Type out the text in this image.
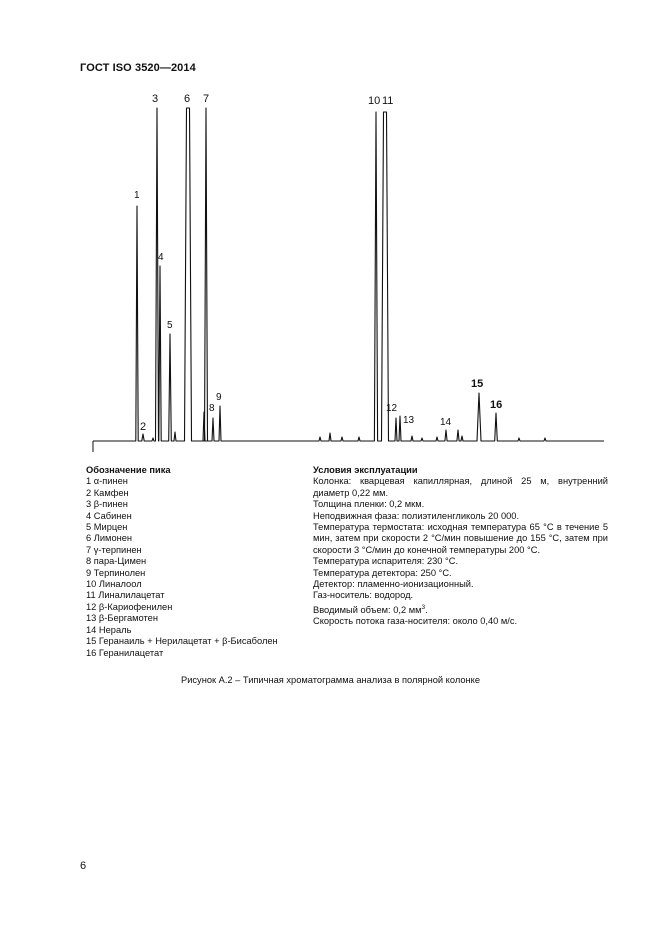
ГОСТ ISO 3520—2014
1
2
3
4
5
6 7
8
9
10 11
12
13	14
15
16
Обозначение пика
1 α-пинен
2 Камфен
3 β-пинен
4 Сабинен
5 Мирцен
6 Лимонен
7 γ-терпинен
8 пара-Цимен
9 Терпинолен
10 Линалоол
11 Линалилацетат
12 β-Кариофенилен
13 β-Бергамотен
14 Нераль
15 Геранаиль + Нерилацетат + β-Бисаболен
16 Геранилацетат
Условия эксплуатации
Колонка: кварцевая капиллярная, длиной 25 м, внутренний диаметр 0,22 мм.
Толщина пленки: 0,2 мкм.
Неподвижная фаза: полиэтиленгликоль 20 000.
Температура термостата: исходная температура 65 °С в течение 5 мин, затем при скорости 2 °С/мин повышение до 155 °С, затем при скорости 3 °С/мин до конечной температуры 200 °С.
Температура испарителя: 230 °С.
Температура детектора: 250 °С.
Детектор: пламенно-ионизационный.
Газ-носитель: водород.
Вводимый объем: 0,2 $мм^3$.
Скорость потока газа-носителя: около 0,40 м/с.
Рисунок А.2 – Типичная хроматограмма анализа в полярной колонке
6
